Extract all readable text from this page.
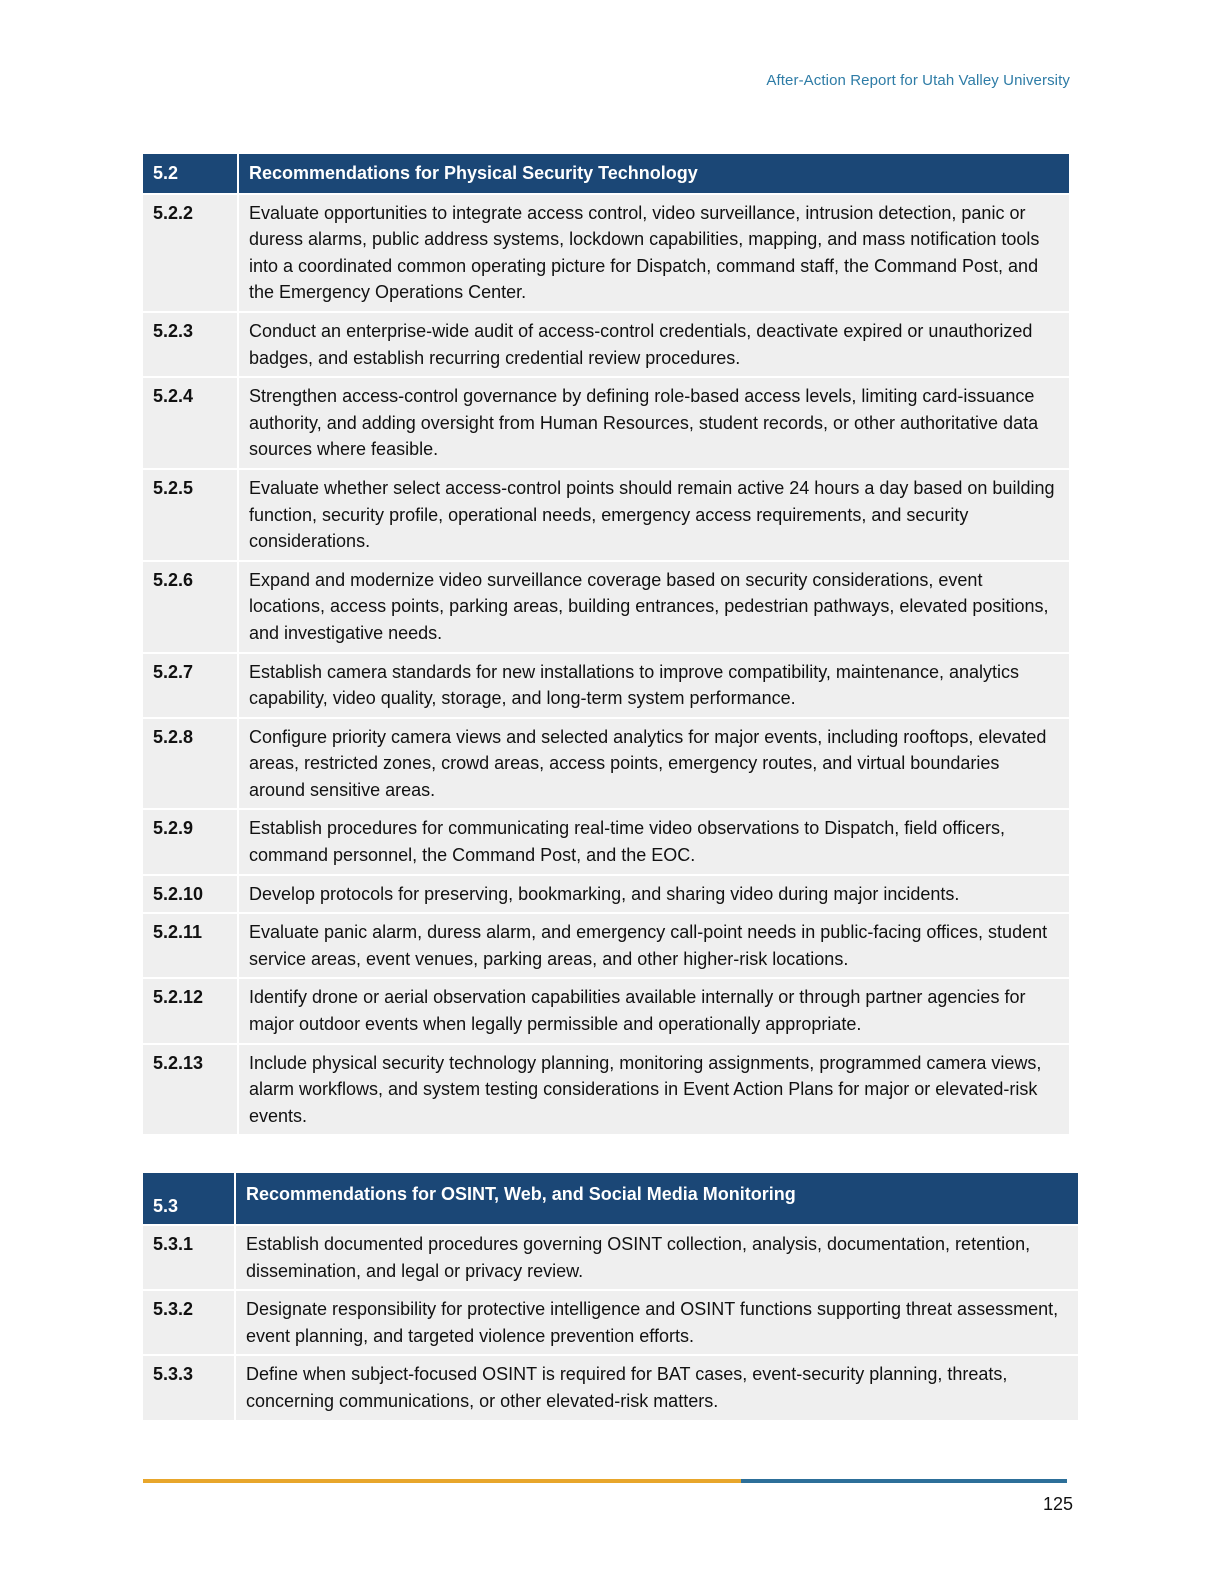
After-Action Report for Utah Valley University
5.2	Recommendations for Physical Security Technology
5.2.2	Evaluate opportunities to integrate access control, video surveillance, intrusion detection, panic or duress alarms, public address systems, lockdown capabilities, mapping, and mass notification tools into a coordinated common operating picture for Dispatch, command staff, the Command Post, and the Emergency Operations Center.
5.2.3	Conduct an enterprise-wide audit of access-control credentials, deactivate expired or unauthorized badges, and establish recurring credential review procedures.
5.2.4	Strengthen access-control governance by defining role-based access levels, limiting card-issuance authority, and adding oversight from Human Resources, student records, or other authoritative data sources where feasible.
5.2.5	Evaluate whether select access-control points should remain active 24 hours a day based on building function, security profile, operational needs, emergency access requirements, and security considerations.
5.2.6	Expand and modernize video surveillance coverage based on security considerations, event locations, access points, parking areas, building entrances, pedestrian pathways, elevated positions, and investigative needs.
5.2.7	Establish camera standards for new installations to improve compatibility, maintenance, analytics capability, video quality, storage, and long-term system performance.
5.2.8	Configure priority camera views and selected analytics for major events, including rooftops, elevated areas, restricted zones, crowd areas, access points, emergency routes, and virtual boundaries around sensitive areas.
5.2.9	Establish procedures for communicating real-time video observations to Dispatch, field officers, command personnel, the Command Post, and the EOC.
5.2.10	Develop protocols for preserving, bookmarking, and sharing video during major incidents.
5.2.11	Evaluate panic alarm, duress alarm, and emergency call-point needs in public-facing offices, student service areas, event venues, parking areas, and other higher-risk locations.
5.2.12	Identify drone or aerial observation capabilities available internally or through partner agencies for major outdoor events when legally permissible and operationally appropriate.
5.2.13	Include physical security technology planning, monitoring assignments, programmed camera views, alarm workflows, and system testing considerations in Event Action Plans for major or elevated-risk events.
5.3	Recommendations for OSINT, Web, and Social Media Monitoring
5.3.1	Establish documented procedures governing OSINT collection, analysis, documentation, retention, dissemination, and legal or privacy review.
5.3.2	Designate responsibility for protective intelligence and OSINT functions supporting threat assessment, event planning, and targeted violence prevention efforts.
5.3.3	Define when subject-focused OSINT is required for BAT cases, event-security planning, threats, concerning communications, or other elevated-risk matters.
125
